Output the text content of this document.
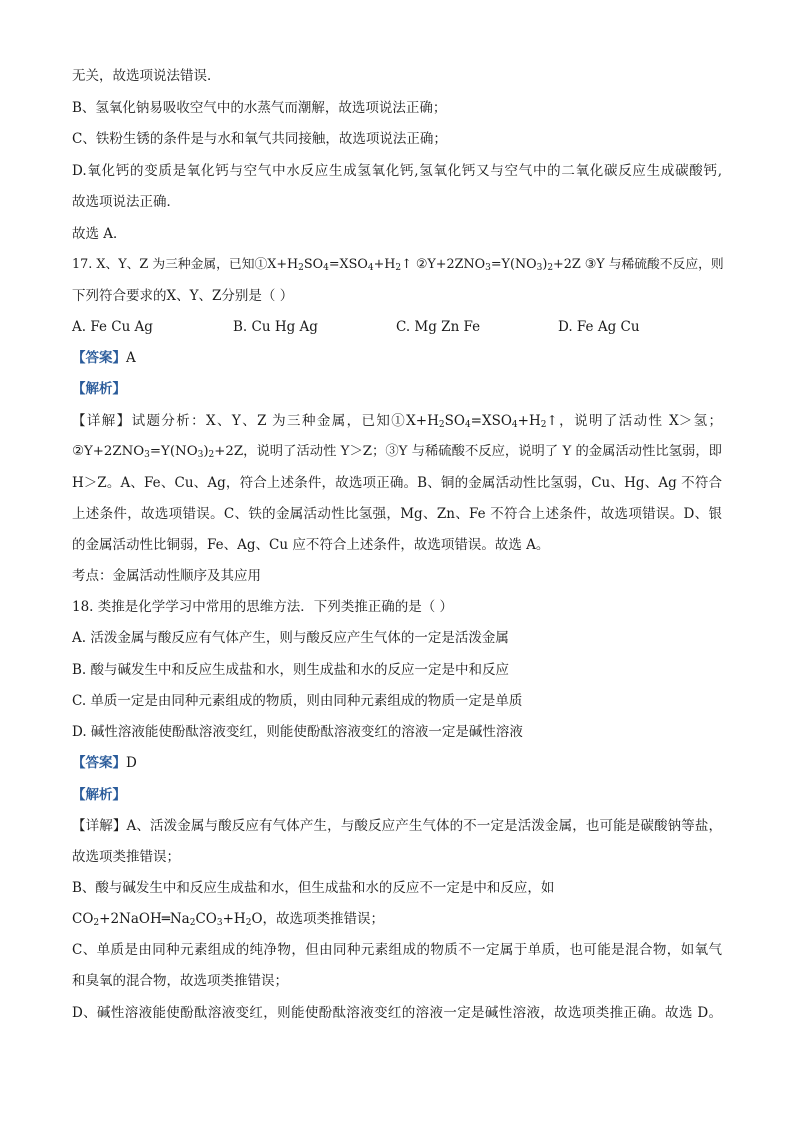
无关，故选项说法错误．
B、氢氧化钠易吸收空气中的水蒸气而潮解，故选项说法正确；
C、铁粉生锈的条件是与水和氧气共同接触，故选项说法正确；
D.氧化钙的变质是氧化钙与空气中水反应生成氢氧化钙,氢氧化钙又与空气中的二氧化碳反应生成碳酸钙,
故选项说法正确．
故选 A．
17. X、Y、Z 为三种金属，已知$①X+H_2SO_4=XSO_4+H_2↑$ $②Y+2ZNO_3=Y(NO_3)_2+2Z$ ③Y 与稀硫酸不反应，则
下列符合要求的X、Y、Z分别是（ ）
A. Fe Cu Ag	B. Cu Hg Ag	C. Mg Zn Fe	D. Fe Ag Cu
【答案】A
【解析】
【详解】试题分析：X、Y、Z 为三种金属，已知$①X+H_2SO_4=XSO_4+H_2↑$，说明了活动性 X＞氢；
$②Y+2ZNO_3=Y(NO_3)_2+2Z$，说明了活动性 Y＞Z；③Y 与稀硫酸不反应，说明了 Y 的金属活动性比氢弱，即
H＞Z。A、Fe、Cu、Ag，符合上述条件，故选项正确。B、铜的金属活动性比氢弱，Cu、Hg、Ag 不符合
上述条件，故选项错误。C、铁的金属活动性比氢强，Mg、Zn、Fe 不符合上述条件，故选项错误。D、银
的金属活动性比铜弱，Fe、Ag、Cu 应不符合上述条件，故选项错误。故选 A。
考点：金属活动性顺序及其应用
18. 类推是化学学习中常用的思维方法．下列类推正确的是（ ）
A. 活泼金属与酸反应有气体产生，则与酸反应产生气体的一定是活泼金属
B. 酸与碱发生中和反应生成盐和水，则生成盐和水的反应一定是中和反应
C. 单质一定是由同种元素组成的物质，则由同种元素组成的物质一定是单质
D. 碱性溶液能使酚酞溶液变红，则能使酚酞溶液变红的溶液一定是碱性溶液
【答案】D
【解析】
【详解】A、活泼金属与酸反应有气体产生，与酸反应产生气体的不一定是活泼金属，也可能是碳酸钠等盐，
故选项类推错误；
B、酸与碱发生中和反应生成盐和水，但生成盐和水的反应不一定是中和反应，如
$CO_2+2NaOH═Na_2CO_3+H_2O$，故选项类推错误；
C、单质是由同种元素组成的纯净物，但由同种元素组成的物质不一定属于单质，也可能是混合物，如氧气
和臭氧的混合物，故选项类推错误；
D、碱性溶液能使酚酞溶液变红，则能使酚酞溶液变红的溶液一定是碱性溶液，故选项类推正确。故选 D。
